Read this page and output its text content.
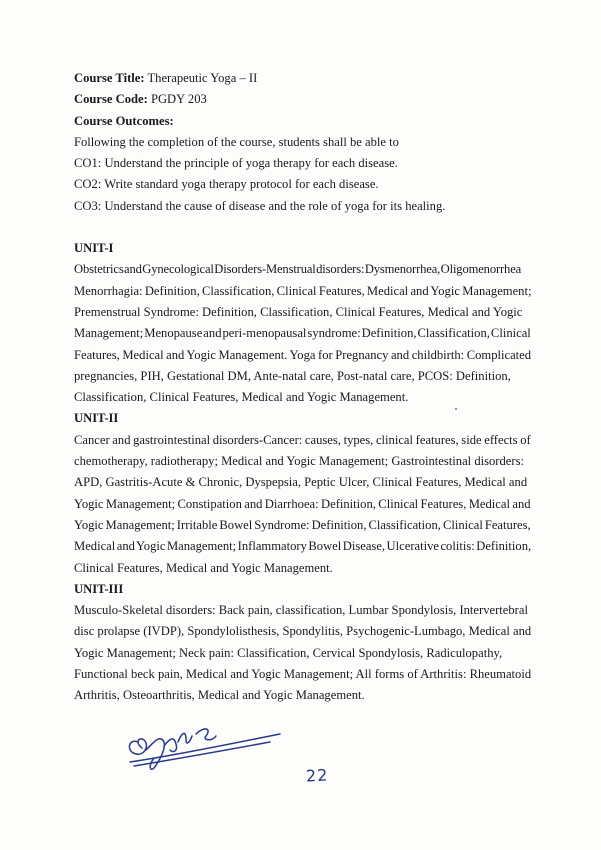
Course Title: Therapeutic Yoga – II
Course Code: PGDY 203
Course Outcomes:
Following the completion of the course, students shall be able to
CO1: Understand the principle of yoga therapy for each disease.
CO2: Write standard yoga therapy protocol for each disease.
CO3: Understand the cause of disease and the role of yoga for its healing.
UNIT-I
Obstetrics and Gynecological Disorders-Menstrual disorders: Dysmenorrhea, Oligomenorrhea
Menorrhagia: Definition, Classification, Clinical Features, Medical and Yogic Management;
Premenstrual Syndrome: Definition, Classification, Clinical Features, Medical and Yogic
Management; Menopause and peri-menopausal syndrome: Definition, Classification, Clinical
Features, Medical and Yogic Management. Yoga for Pregnancy and childbirth: Complicated
pregnancies, PIH, Gestational DM, Ante-natal care, Post-natal care, PCOS: Definition,
Classification, Clinical Features, Medical and Yogic Management.
UNIT-II
Cancer and gastrointestinal disorders-Cancer: causes, types, clinical features, side effects of
chemotherapy, radiotherapy; Medical and Yogic Management; Gastrointestinal disorders:
APD, Gastritis-Acute & Chronic, Dyspepsia, Peptic Ulcer, Clinical Features, Medical and
Yogic Management; Constipation and Diarrhoea: Definition, Clinical Features, Medical and
Yogic Management; Irritable Bowel Syndrome: Definition, Classification, Clinical Features,
Medical and Yogic Management; Inflammatory Bowel Disease, Ulcerative colitis: Definition,
Clinical Features, Medical and Yogic Management.
UNIT-III
Musculo-Skeletal disorders: Back pain, classification, Lumbar Spondylosis, Intervertebral
disc prolapse (IVDP), Spondylolisthesis, Spondylitis, Psychogenic-Lumbago, Medical and
Yogic Management; Neck pain: Classification, Cervical Spondylosis, Radiculopathy,
Functional beck pain, Medical and Yogic Management; All forms of Arthritis: Rheumatoid
Arthritis, Osteoarthritis, Medical and Yogic Management.
22
